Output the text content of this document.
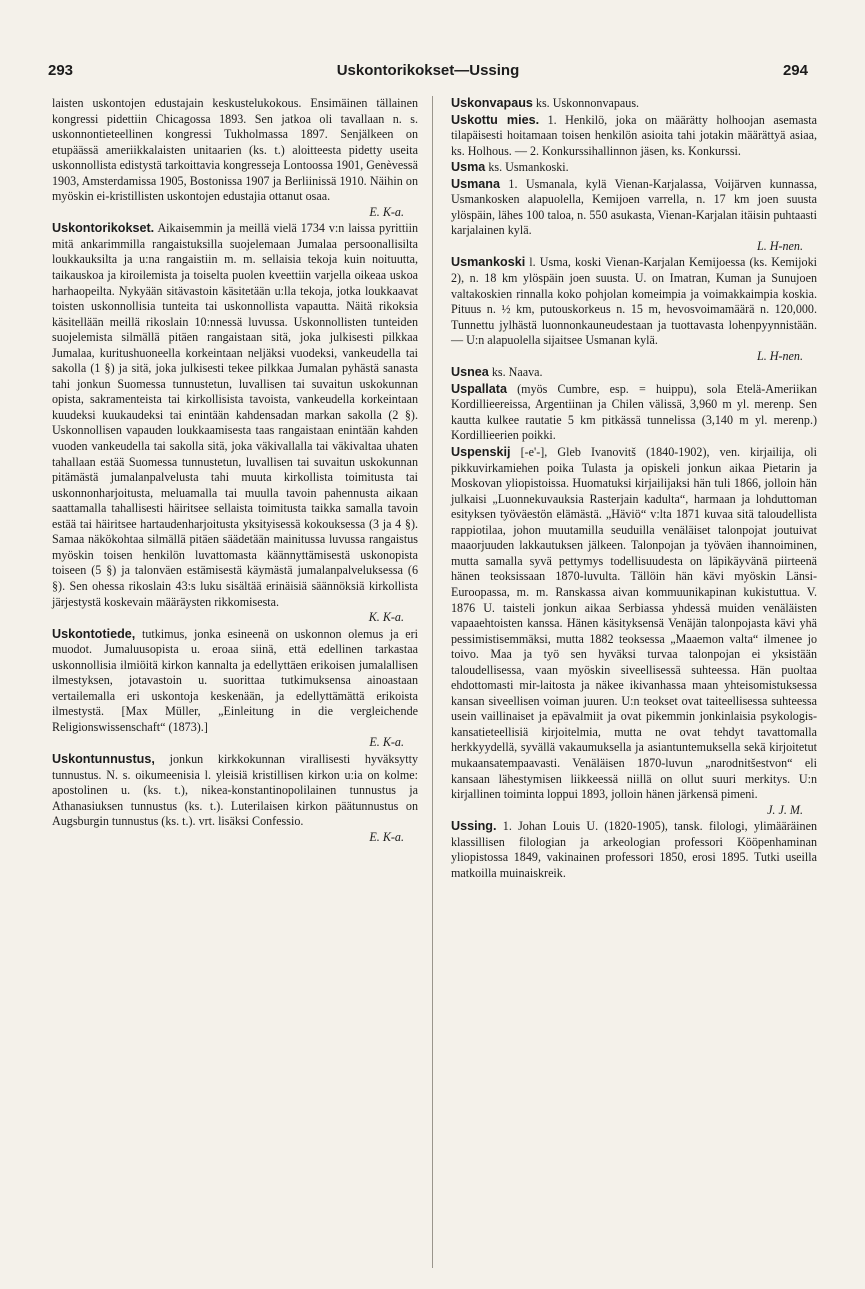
293	Uskontorikokset—Ussing	294

laisten uskontojen edustajain keskustelukokous. Ensimäinen tällainen kongressi pidettiin Chicagossa 1893. Sen jatkoa oli tavallaan n. s. uskonnontieteellinen kongressi Tukholmassa 1897. Senjälkeen on etupäässä ameriikkalaisten unitaarien (ks. t.) aloitteesta pidetty useita uskonnollista edistystä tarkoittavia kongresseja Lontoossa 1901, Genèvessä 1903, Amsterdamissa 1905, Bostonissa 1907 ja Berliinissä 1910. Näihin on myöskin ei-kristillisten uskontojen edustajia ottanut osaa.
E. K-a.

Uskontorikokset. Aikaisemmin ja meillä vielä 1734 v:n laissa pyrittiin mitä ankarimmilla rangaistuksilla suojelemaan Jumalaa persoonallisilta loukkauksilta ja u:na rangaistiin m. m. sellaisia tekoja kuin noituutta, taikauskoa ja kiroilemista ja toiselta puolen kveettiin varjella oikeaa uskoa harhaopeilta. Nykyään sitävastoin käsitetään u:lla tekoja, jotka loukkaavat toisten uskonnollisia tunteita tai uskonnollista vapautta. Näitä rikoksia käsitellään meillä rikoslain 10:nnessä luvussa. Uskonnollisten tunteiden suojelemista silmällä pitäen rangaistaan sitä, joka julkisesti pilkkaa Jumalaa, kuritushuoneella korkeintaan neljäksi vuodeksi, vankeudella tai sakolla (1 §) ja sitä, joka julkisesti tekee pilkkaa Jumalan pyhästä sanasta tahi jonkun Suomessa tunnustetun, luvallisen tai suvaitun uskokunnan opista, sakramenteista tai kirkollisista tavoista, vankeudella korkeintaan kuudeksi kuukaudeksi tai enintään kahdensadan markan sakolla (2 §). Uskonnollisen vapauden loukkaamisesta taas rangaistaan enintään kahden vuoden vankeudella tai sakolla sitä, joka väkivallalla tai väkivaltaa uhaten tahallaan estää Suomessa tunnustetun, luvallisen tai suvaitun uskokunnan pitämästä jumalanpalvelusta tahi muuta kirkollista toimitusta tai uskonnonharjoitusta, meluamalla tai muulla tavoin pahennusta aikaan saattamalla tahallisesti häiritsee sellaista toimitusta taikka samalla tavoin estää tai häiritsee hartaudenharjoitusta yksityisessä kokouksessa (3 ja 4 §). Samaa näkökohtaa silmällä pitäen säädetään mainitussa luvussa rangaistus myöskin toisen henkilön luvattomasta käännyttämisestä uskonopista toiseen (5 §) ja talonväen estämisestä käymästä jumalanpalveluksessa (6 §). Sen ohessa rikoslain 43:s luku sisältää erinäisiä säännöksiä kirkollista järjestystä koskevain määräysten rikkomisesta.
K. K-a.

Uskontotiede, tutkimus, jonka esineenä on uskonnon olemus ja eri muodot. Jumaluusopista u. eroaa siinä, että edellinen tarkastaa uskonnollisia ilmiöitä kirkon kannalta ja edellyttäen erikoisen jumalallisen ilmestyksen, jotavastoin u. suorittaa tutkimuksensa ainoastaan vertailemalla eri uskontoja keskenään, ja edellyttämättä erikoista ilmestystä. [Max Müller, „Einleitung in die vergleichende Religionswissenschaft“ (1873).]
E. K-a.

Uskontunnustus, jonkun kirkkokunnan virallisesti hyväksytty tunnustus. N. s. oikumeenisia l. yleisiä kristillisen kirkon u:ia on kolme: apostolinen u. (ks. t.), nikea-konstantinopolilainen tunnustus ja Athanasiuksen tunnustus (ks. t.). Luterilaisen kirkon päätunnustus on Augsburgin tunnustus (ks. t.). vrt. lisäksi Confessio.
E. K-a.

Uskonvapaus ks. Uskonnonvapaus.

Uskottu mies. 1. Henkilö, joka on määrätty holhoojan asemasta tilapäisesti hoitamaan toisen henkilön asioita tahi jotakin määrättyä asiaa, ks. Holhous. — 2. Konkurssihallinnon jäsen, ks. Konkurssi.

Usma ks. Usmankoski.

Usmana 1. Usmanala, kylä Vienan-Karjalassa, Voijärven kunnassa, Usmankosken alapuolella, Kemijoen varrella, n. 17 km joen suusta ylöspäin, lähes 100 taloa, n. 550 asukasta, Vienan-Karjalan itäisin puhtaasti karjalainen kylä.
L. H-nen.

Usmankoski l. Usma, koski Vienan-Karjalan Kemijoessa (ks. Kemijoki 2), n. 18 km ylöspäin joen suusta. U. on Imatran, Kuman ja Sunujoen valtakoskien rinnalla koko pohjolan komeimpia ja voimakkaimpia koskia. Pituus n. ½ km, putouskorkeus n. 15 m, hevosvoimamäärä n. 120,000. Tunnettu jylhästä luonnonkauneudestaan ja tuottavasta lohenpyynnistään. — U:n alapuolella sijaitsee Usmanan kylä.
L. H-nen.

Usnea ks. Naava.

Uspallata (myös Cumbre, esp. = huippu), sola Etelä-Ameriikan Kordillieereissa, Argentiinan ja Chilen välissä, 3,960 m yl. merenp. Sen kautta kulkee rautatie 5 km pitkässä tunnelissa (3,140 m yl. merenp.) Kordillieerien poikki.

Uspenskij [-e'-], Gleb Ivanovitš (1840-1902), ven. kirjailija, oli pikkuvirkamiehen poika Tulasta ja opiskeli jonkun aikaa Pietarin ja Moskovan yliopistoissa. Huomatuksi kirjailijaksi hän tuli 1866, jolloin hän julkaisi „Luonnekuvauksia Rasterjain kadulta“, harmaan ja lohduttoman esityksen työväestön elämästä. „Häviö“ v:lta 1871 kuvaa sitä taloudellista rappiotilaa, johon muutamilla seuduilla venäläiset talonpojat joutuivat maaorjuuden lakkautuksen jälkeen. Talonpojan ja työväen ihannoiminen, mutta samalla syvä pettymys todellisuudesta on läpikäyvänä piirteenä hänen teoksissaan 1870-luvulta. Tällöin hän kävi myöskin Länsi-Euroopassa, m. m. Ranskassa aivan kommuunikapinan kukistuttua. V. 1876 U. taisteli jonkun aikaa Serbiassa yhdessä muiden venäläisten vapaaehtoisten kanssa. Hänen käsityksensä Venäjän talonpojasta kävi yhä pessimistisemmäksi, mutta 1882 teoksessa „Maaemon valta“ ilmenee jo toivo. Maa ja työ sen hyväksi turvaa talonpojan ei yksistään taloudellisessa, vaan myöskin siveellisessä suhteessa. Hän puoltaa ehdottomasti mir-laitosta ja näkee ikivanhassa maan yhteisomistuksessa kansan siveellisen voiman juuren. U:n teokset ovat taiteellisessa suhteessa usein vaillinaiset ja epävalmiit ja ovat pikemmin jonkinlaisia psykologis-kansatieteellisiä kirjoitelmia, mutta ne ovat tehdyt tavattomalla herkkyydellä, syvällä vakaumuksella ja asiantuntemuksella sekä kirjoitetut mukaansatempaavasti. Venäläisen 1870-luvun „narodnitšestvon“ eli kansaan lähestymisen liikkeessä niillä on ollut suuri merkitys. U:n kirjallinen toiminta loppui 1893, jolloin hänen järkensä pimeni.
J. J. M.

Ussing. 1. Johan Louis U. (1820-1905), tansk. filologi, ylimääräinen klassillisen filologian ja arkeologian professori Kööpenhaminan yliopistossa 1849, vakinainen professori 1850, erosi 1895. Tutki useilla matkoilla muinaiskreik.
